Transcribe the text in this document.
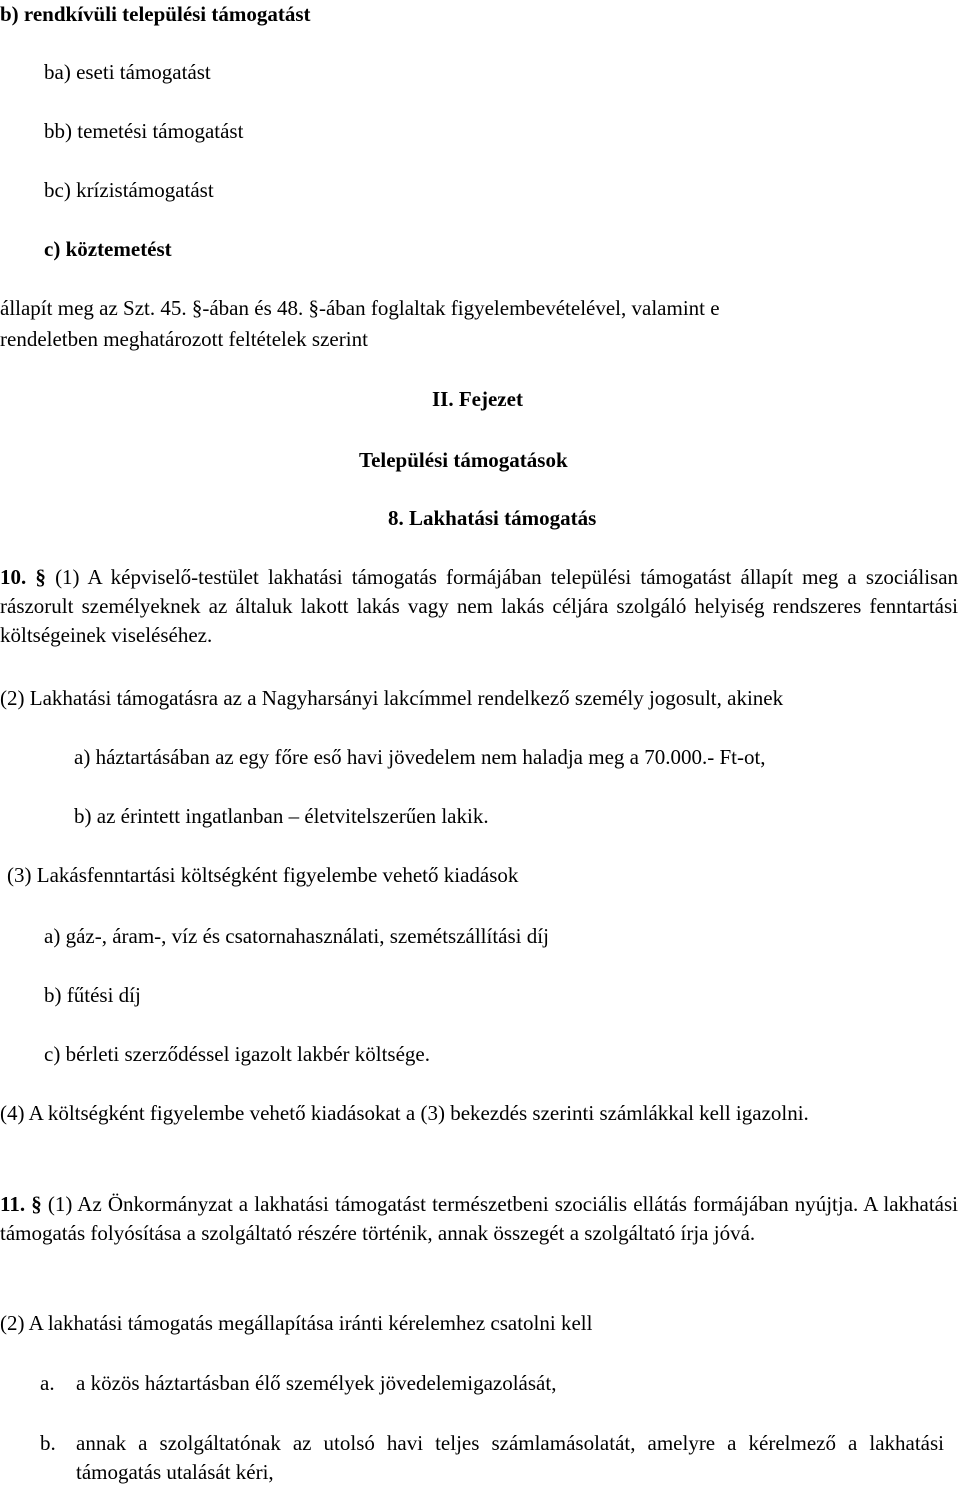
b) rendkívüli települési támogatást
ba) eseti támogatást
bb) temetési támogatást
bc) krízistámogatást
c) köztemetést
állapít meg az Szt. 45. §-ában és 48. §-ában foglaltak figyelembevételével, valamint e
rendeletben meghatározott feltételek szerint
II. Fejezet
Települési támogatások
8. Lakhatási támogatás
10. § (1) A képviselő-testület lakhatási támogatás formájában települési támogatást állapít meg a szociálisan rászorult személyeknek az általuk lakott lakás vagy nem lakás céljára szolgáló helyiség rendszeres fenntartási költségeinek viseléséhez.
(2) Lakhatási támogatásra az a Nagyharsányi lakcímmel rendelkező személy jogosult, akinek
a) háztartásában az egy főre eső havi jövedelem nem haladja meg a 70.000.- Ft-ot,
b) az érintett ingatlanban – életvitelszerűen lakik.
(3) Lakásfenntartási költségként figyelembe vehető kiadások
a) gáz-, áram-, víz és csatornahasználati, szemétszállítási díj
b) fűtési díj
c) bérleti szerződéssel igazolt lakbér költsége.
(4) A költségként figyelembe vehető kiadásokat a (3) bekezdés szerinti számlákkal kell igazolni.
11. § (1) Az Önkormányzat a lakhatási támogatást természetbeni szociális ellátás formájában nyújtja. A lakhatási támogatás folyósítása a szolgáltató részére történik, annak összegét a szolgáltató írja jóvá.
(2) A lakhatási támogatás megállapítása iránti kérelemhez csatolni kell
a. a közös háztartásban élő személyek jövedelemigazolását,
b. annak a szolgáltatónak az utolsó havi teljes számlamásolatát, amelyre a kérelmező a lakhatási támogatás utalását kéri,
